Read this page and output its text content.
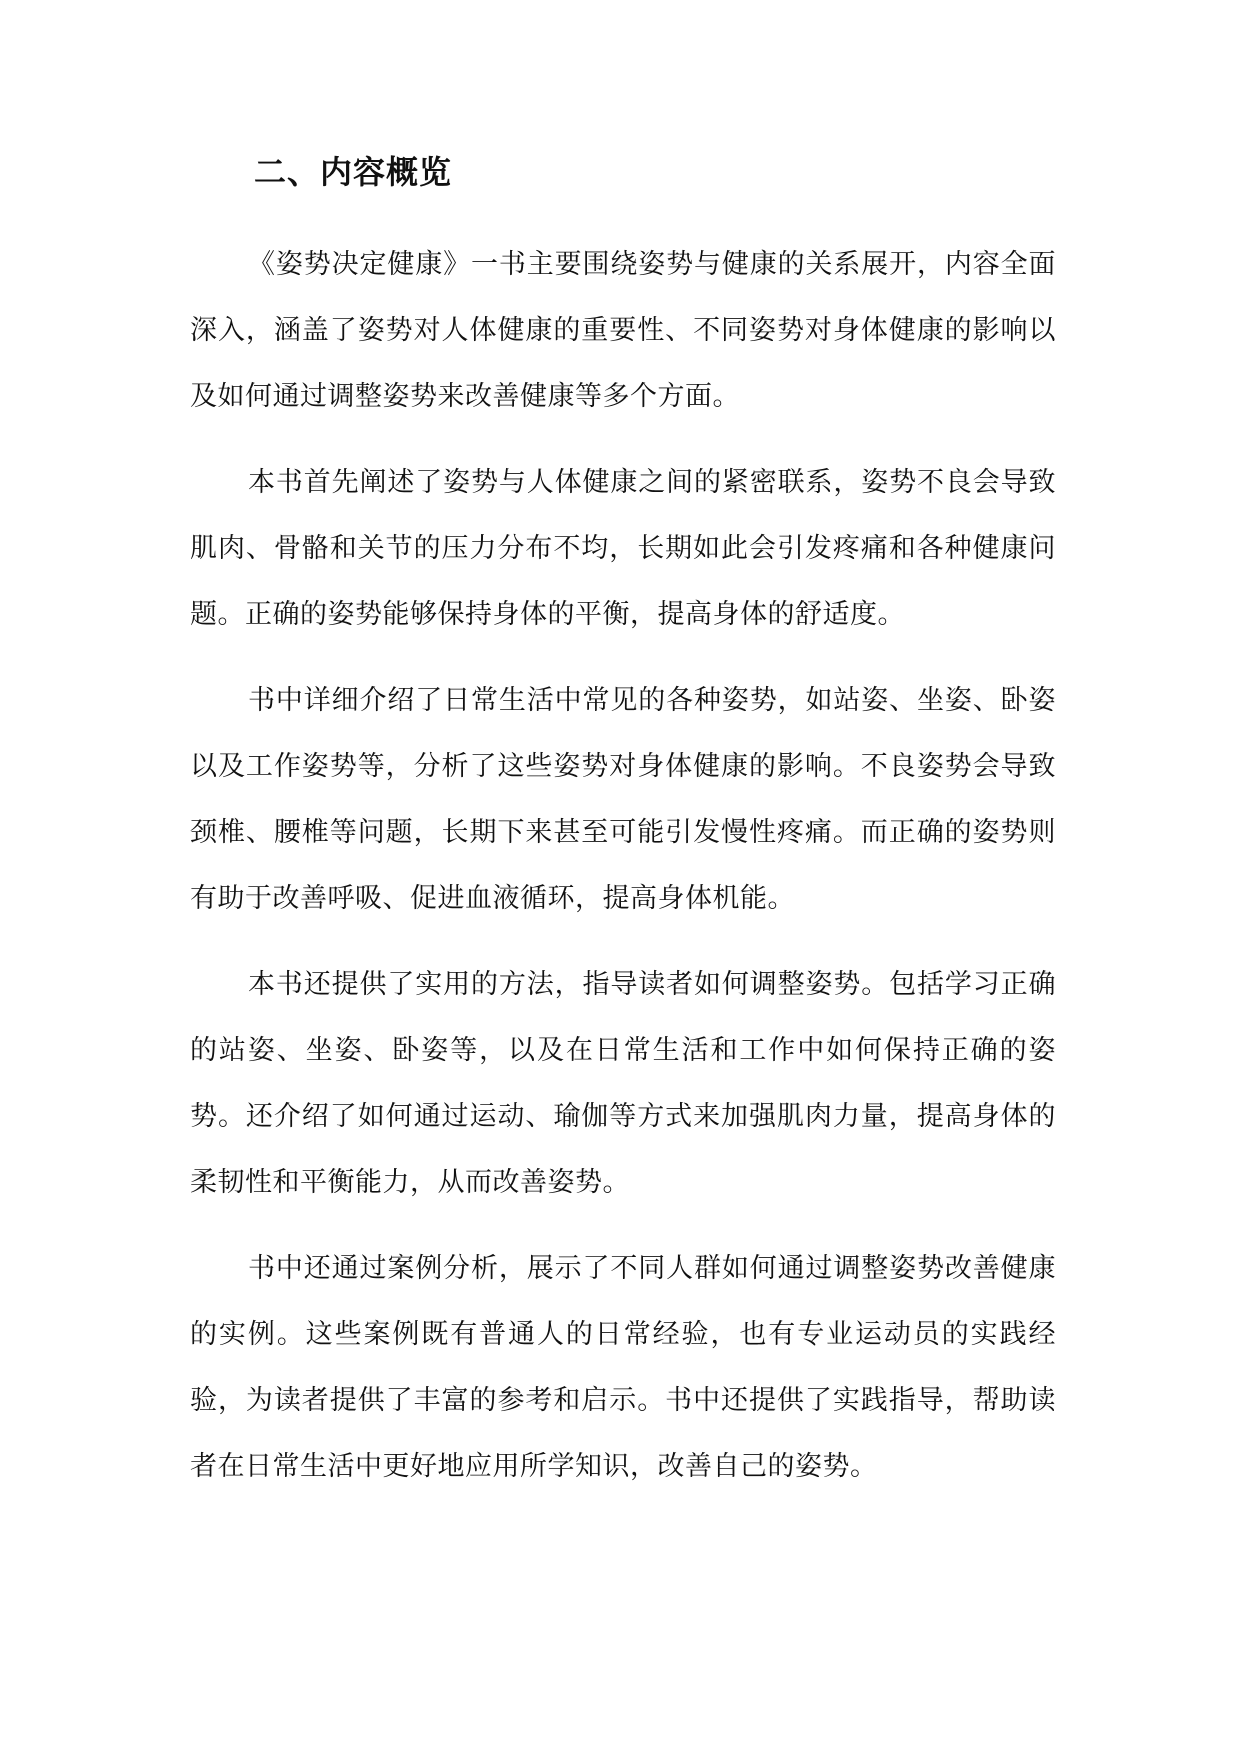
二、内容概览

《姿势决定健康》一书主要围绕姿势与健康的关系展开，内容全面深入，涵盖了姿势对人体健康的重要性、不同姿势对身体健康的影响以及如何通过调整姿势来改善健康等多个方面。

本书首先阐述了姿势与人体健康之间的紧密联系，姿势不良会导致肌肉、骨骼和关节的压力分布不均，长期如此会引发疼痛和各种健康问题。正确的姿势能够保持身体的平衡，提高身体的舒适度。

书中详细介绍了日常生活中常见的各种姿势，如站姿、坐姿、卧姿以及工作姿势等，分析了这些姿势对身体健康的影响。不良姿势会导致颈椎、腰椎等问题，长期下来甚至可能引发慢性疼痛。而正确的姿势则有助于改善呼吸、促进血液循环，提高身体机能。

本书还提供了实用的方法，指导读者如何调整姿势。包括学习正确的站姿、坐姿、卧姿等，以及在日常生活和工作中如何保持正确的姿势。还介绍了如何通过运动、瑜伽等方式来加强肌肉力量，提高身体的柔韧性和平衡能力，从而改善姿势。

书中还通过案例分析，展示了不同人群如何通过调整姿势改善健康的实例。这些案例既有普通人的日常经验，也有专业运动员的实践经验，为读者提供了丰富的参考和启示。书中还提供了实践指导，帮助读者在日常生活中更好地应用所学知识，改善自己的姿势。
